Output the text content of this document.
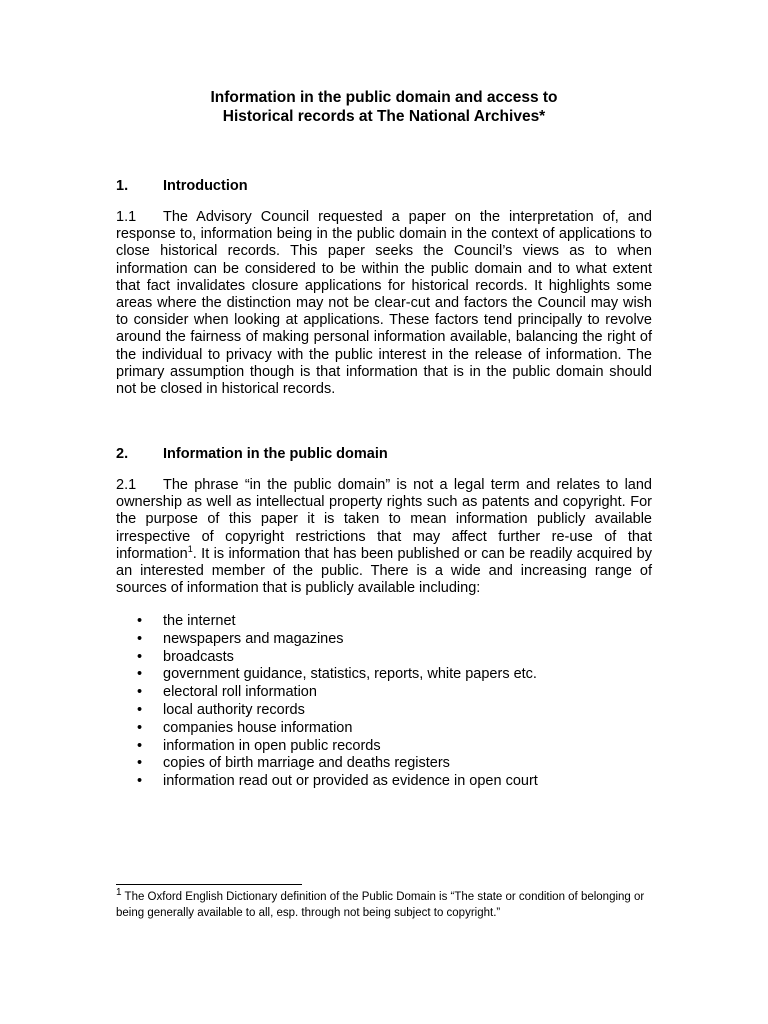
Information in the public domain and access to
Historical records at The National Archives*
1. Introduction

1.1 The Advisory Council requested a paper on the interpretation of, and response to, information being in the public domain in the context of applications to close historical records. This paper seeks the Council’s views as to when information can be considered to be within the public domain and to what extent that fact invalidates closure applications for historical records. It highlights some areas where the distinction may not be clear-cut and factors the Council may wish to consider when looking at applications. These factors tend principally to revolve around the fairness of making personal information available, balancing the right of the individual to privacy with the public interest in the release of information. The primary assumption though is that information that is in the public domain should not be closed in historical records.

2. Information in the public domain

2.1 The phrase “in the public domain” is not a legal term and relates to land ownership as well as intellectual property rights such as patents and copyright. For the purpose of this paper it is taken to mean information publicly available irrespective of copyright restrictions that may affect further re-use of that information$^1$. It is information that has been published or can be readily acquired by an interested member of the public. There is a wide and increasing range of sources of information that is publicly available including:

• the internet
• newspapers and magazines
• broadcasts
• government guidance, statistics, reports, white papers etc.
• electoral roll information
• local authority records
• companies house information
• information in open public records
• copies of birth marriage and deaths registers
• information read out or provided as evidence in open court

1 The Oxford English Dictionary definition of the Public Domain is “The state or condition of belonging or being generally available to all, esp. through not being subject to copyright.”
